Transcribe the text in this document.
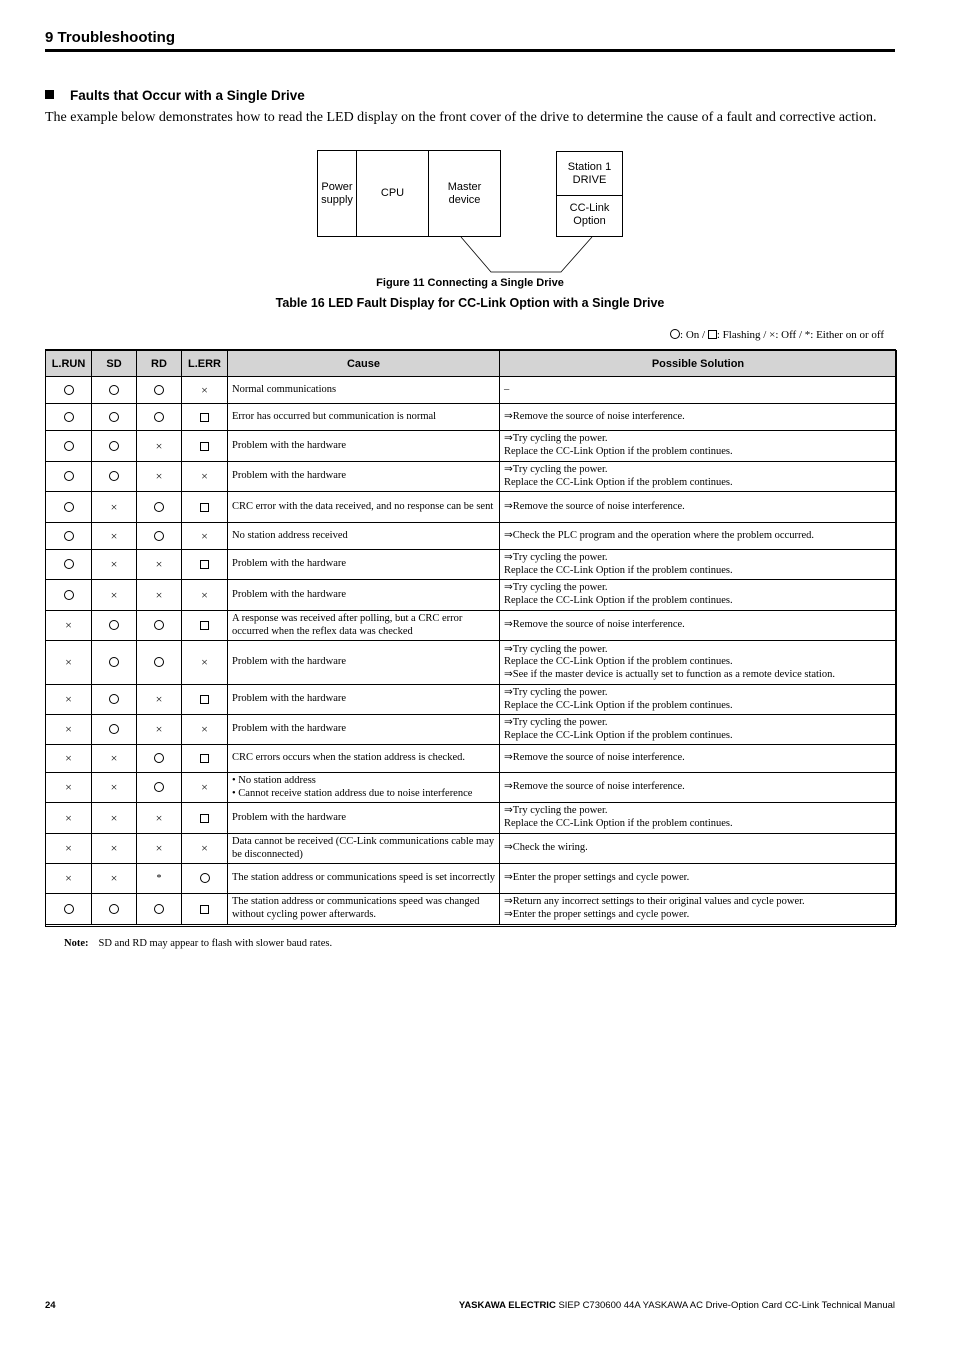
9 Troubleshooting
Faults that Occur with a Single Drive
The example below demonstrates how to read the LED display on the front cover of the drive to determine the cause of a fault and corrective action.
Power
supply
CPU
Master
device
Station 1
DRIVE
CC-Link
Option
Figure 11 Connecting a Single Drive
Table 16 LED Fault Display for CC-Link Option with a Single Drive
: On / : Flashing / ×: Off / *: Either on or off
L.RUN	SD	RD	L.ERR	Cause	Possible Solution
			×	Normal communications	–

				Error has occurred but communication is normal	⇒Remove the source of noise interference.

		×		Problem with the hardware	⇒Try cycling the power.
Replace the CC-Link Option if the problem continues.

		×	×	Problem with the hardware	⇒Try cycling the power.
Replace the CC-Link Option if the problem continues.

	×			CRC error with the data received, and no response can be sent	⇒Remove the source of noise interference.

	×		×	No station address received	⇒Check the PLC program and the operation where the problem occurred.

	×	×		Problem with the hardware	⇒Try cycling the power.
Replace the CC-Link Option if the problem continues.

	×	×	×	Problem with the hardware	⇒Try cycling the power.
Replace the CC-Link Option if the problem continues.

×				A response was received after polling, but a CRC error occurred when the reflex data was checked	⇒Remove the source of noise interference.

×			×	Problem with the hardware	⇒Try cycling the power.
Replace the CC-Link Option if the problem continues.
⇒See if the master device is actually set to function as a remote device station.

×		×		Problem with the hardware	⇒Try cycling the power.
Replace the CC-Link Option if the problem continues.

×		×	×	Problem with the hardware	⇒Try cycling the power.
Replace the CC-Link Option if the problem continues.

×	×			CRC errors occurs when the station address is checked.	⇒Remove the source of noise interference.

×	×		×	• No station address
• Cannot receive station address due to noise interference	⇒Remove the source of noise interference.

×	×	×		Problem with the hardware	⇒Try cycling the power.
Replace the CC-Link Option if the problem continues.

×	×	×	×	Data cannot be received (CC-Link communications cable may be disconnected)	⇒Check the wiring.

×	×	*		The station address or communications speed is set incorrectly	⇒Enter the proper settings and cycle power.

				The station address or communications speed was changed without cycling power afterwards.	⇒Return any incorrect settings to their original values and cycle power.
⇒Enter the proper settings and cycle power.
Note: SD and RD may appear to flash with slower baud rates.
24	YASKAWA ELECTRIC SIEP C730600 44A YASKAWA AC Drive-Option Card CC-Link Technical Manual
